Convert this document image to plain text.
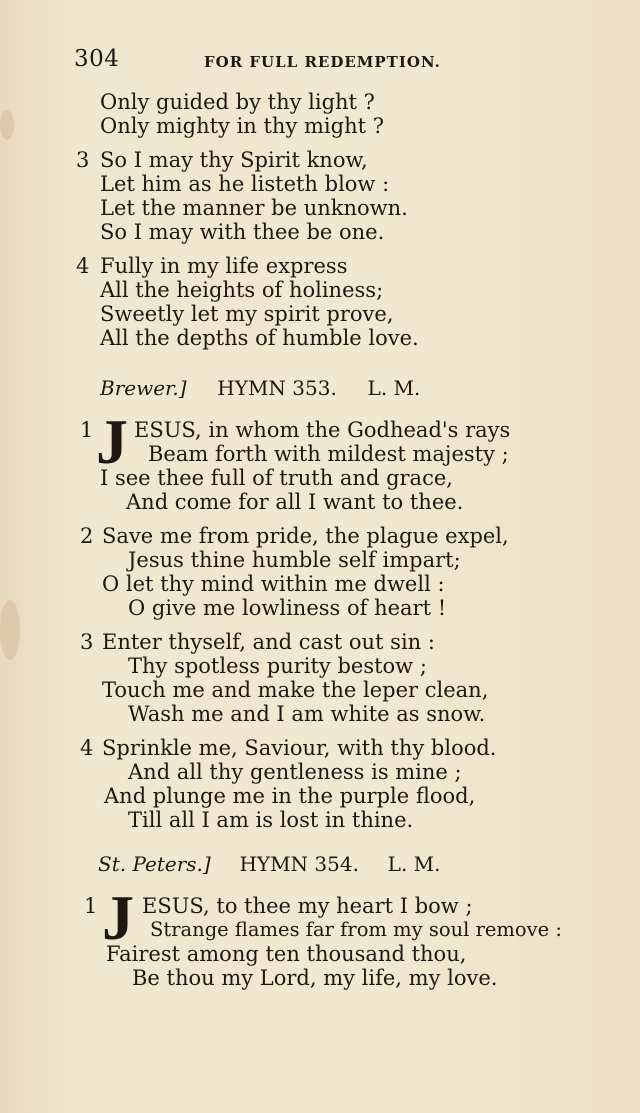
304	FOR FULL REDEMPTION.
Only guided by thy light ?
Only mighty in thy might ?
3 So I may thy Spirit know,
Let him as he listeth blow :
Let the manner be unknown.
So I may with thee be one.
4 Fully in my life express
All the heights of holiness;
Sweetly let my spirit prove,
All the depths of humble love.
Brewer.] HYMN 353. L. M.
1 J ESUS, in whom the Godhead's rays
Beam forth with mildest majesty ;
I see thee full of truth and grace,
And come for all I want to thee.
2 Save me from pride, the plague expel,
Jesus thine humble self impart;
O let thy mind within me dwell :
O give me lowliness of heart !
3 Enter thyself, and cast out sin :
Thy spotless purity bestow ;
Touch me and make the leper clean,
Wash me and I am white as snow.
4 Sprinkle me, Saviour, with thy blood.
And all thy gentleness is mine ;
And plunge me in the purple flood,
Till all I am is lost in thine.
St. Peters.] HYMN 354. L. M.
1 J ESUS, to thee my heart I bow ;
Strange flames far from my soul remove :
Fairest among ten thousand thou,
Be thou my Lord, my life, my love.
